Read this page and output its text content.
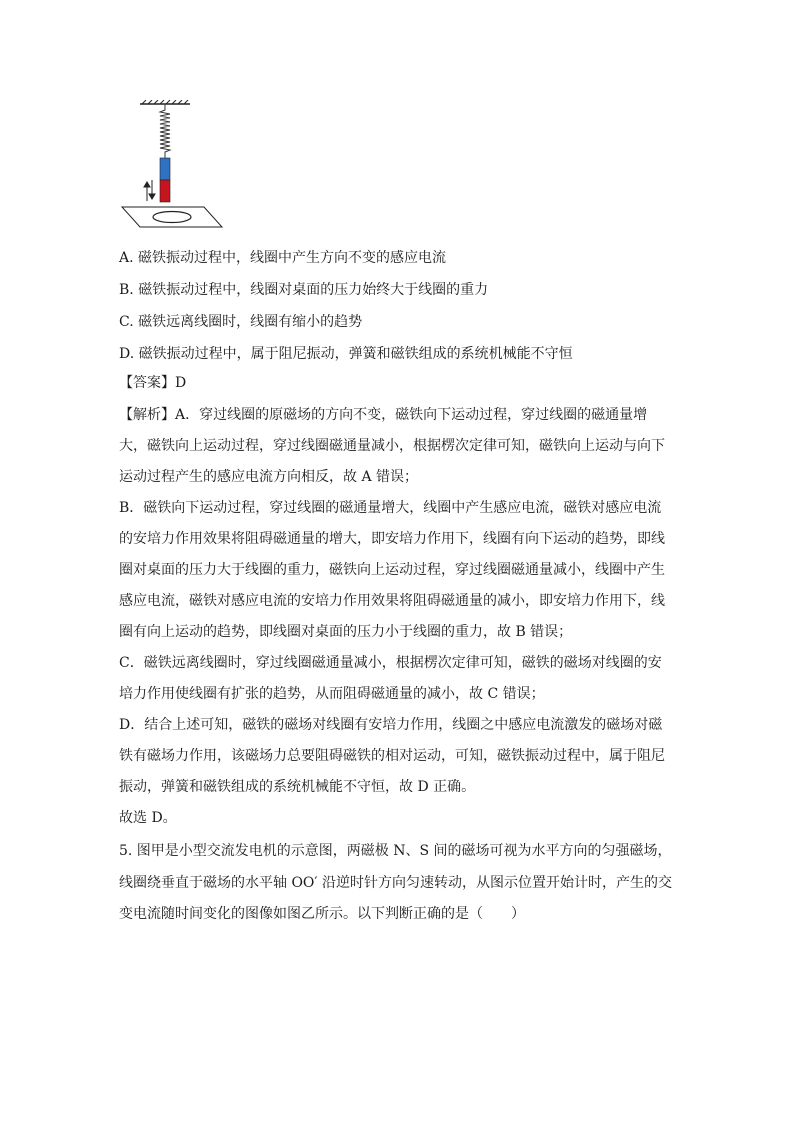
A. 磁铁振动过程中，线圈中产生方向不变的感应电流
B. 磁铁振动过程中，线圈对桌面的压力始终大于线圈的重力
C. 磁铁远离线圈时，线圈有缩小的趋势
D. 磁铁振动过程中，属于阻尼振动，弹簧和磁铁组成的系统机械能不守恒
【答案】D
【解析】A．穿过线圈的原磁场的方向不变，磁铁向下运动过程，穿过线圈的磁通量增
大，磁铁向上运动过程，穿过线圈磁通量减小，根据楞次定律可知，磁铁向上运动与向下
运动过程产生的感应电流方向相反，故 A 错误；
B．磁铁向下运动过程，穿过线圈的磁通量增大，线圈中产生感应电流，磁铁对感应电流
的安培力作用效果将阻碍磁通量的增大，即安培力作用下，线圈有向下运动的趋势，即线
圈对桌面的压力大于线圈的重力，磁铁向上运动过程，穿过线圈磁通量减小，线圈中产生
感应电流，磁铁对感应电流的安培力作用效果将阻碍磁通量的减小，即安培力作用下，线
圈有向上运动的趋势，即线圈对桌面的压力小于线圈的重力，故 B 错误；
C．磁铁远离线圈时，穿过线圈磁通量减小，根据楞次定律可知，磁铁的磁场对线圈的安
培力作用使线圈有扩张的趋势，从而阻碍磁通量的减小，故 C 错误；
D．结合上述可知，磁铁的磁场对线圈有安培力作用，线圈之中感应电流激发的磁场对磁
铁有磁场力作用，该磁场力总要阻碍磁铁的相对运动，可知，磁铁振动过程中，属于阻尼
振动，弹簧和磁铁组成的系统机械能不守恒，故 D 正确。
故选 D。
5. 图甲是小型交流发电机的示意图，两磁极 N、S 间的磁场可视为水平方向的匀强磁场，
线圈绕垂直于磁场的水平轴 OO′ 沿逆时针方向匀速转动，从图示位置开始计时，产生的交
变电流随时间变化的图像如图乙所示。以下判断正确的是（　　）
